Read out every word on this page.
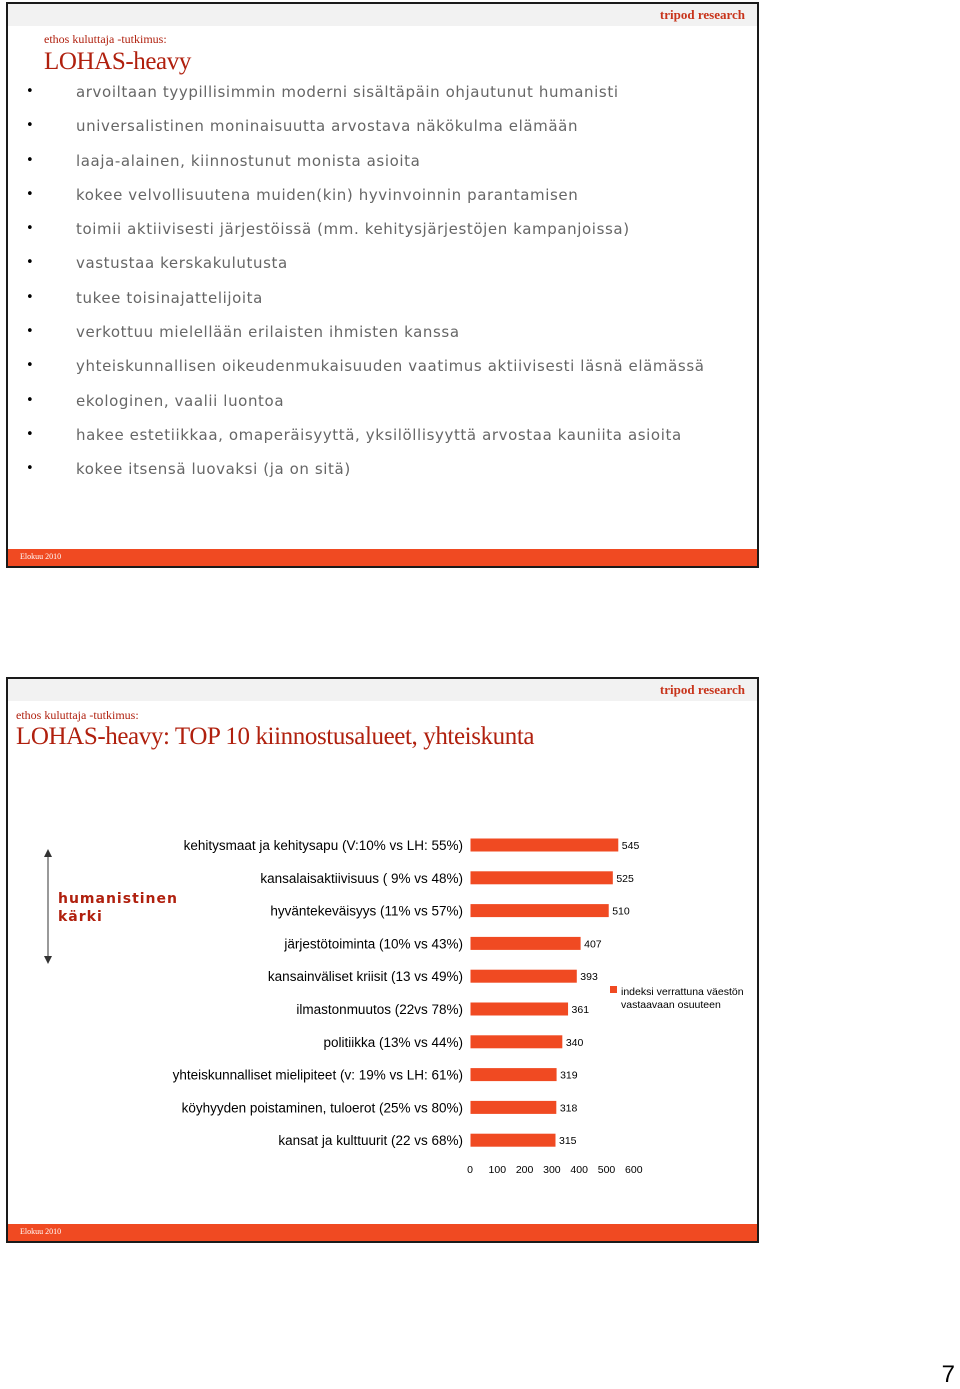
tripod research
ethos kuluttaja -tutkimus:
LOHAS-heavy
•	arvoiltaan tyypillisimmin moderni sisältäpäin ohjautunut humanisti
•	universalistinen moninaisuutta arvostava näkökulma elämään
•	laaja-alainen, kiinnostunut monista asioita
•	kokee velvollisuutena muiden(kin) hyvinvoinnin parantamisen
•	toimii aktiivisesti järjestöissä (mm. kehitysjärjestöjen kampanjoissa)
•	vastustaa kerskakulutusta
•	tukee toisinajattelijoita
•	verkottuu mielellään erilaisten ihmisten kanssa
•	yhteiskunnallisen oikeudenmukaisuuden vaatimus aktiivisesti läsnä elämässä
•	ekologinen, vaalii luontoa
•	hakee estetiikkaa, omaperäisyyttä, yksilöllisyyttä arvostaa kauniita asioita
•	kokee itsensä luovaksi (ja on sitä)
Elokuu 2010
tripod research
ethos kuluttaja -tutkimus:
LOHAS-heavy: TOP 10 kiinnostusalueet, yhteiskunta
humanistinen
kärki
kehitysmaat ja kehitysapu (V:10% vs LH: 55%)	545
kansalaisaktiivisuus ( 9% vs 48%)	525
hyväntekeväisyys (11% vs 57%)	510
järjestötoiminta (10% vs 43%)	407
kansainväliset kriisit (13 vs 49%)	393
ilmastonmuutos (22vs 78%)	361
politiikka (13% vs 44%)	340
yhteiskunnalliset mielipiteet (v: 19% vs LH: 61%)	319
köyhyyden poistaminen, tuloerot (25% vs 80%)	318
kansat ja kulttuurit (22 vs 68%)	315
0 100 200 300 400 500 600
indeksi verrattuna väestön
vastaavaan osuuteen
Elokuu 2010
7
